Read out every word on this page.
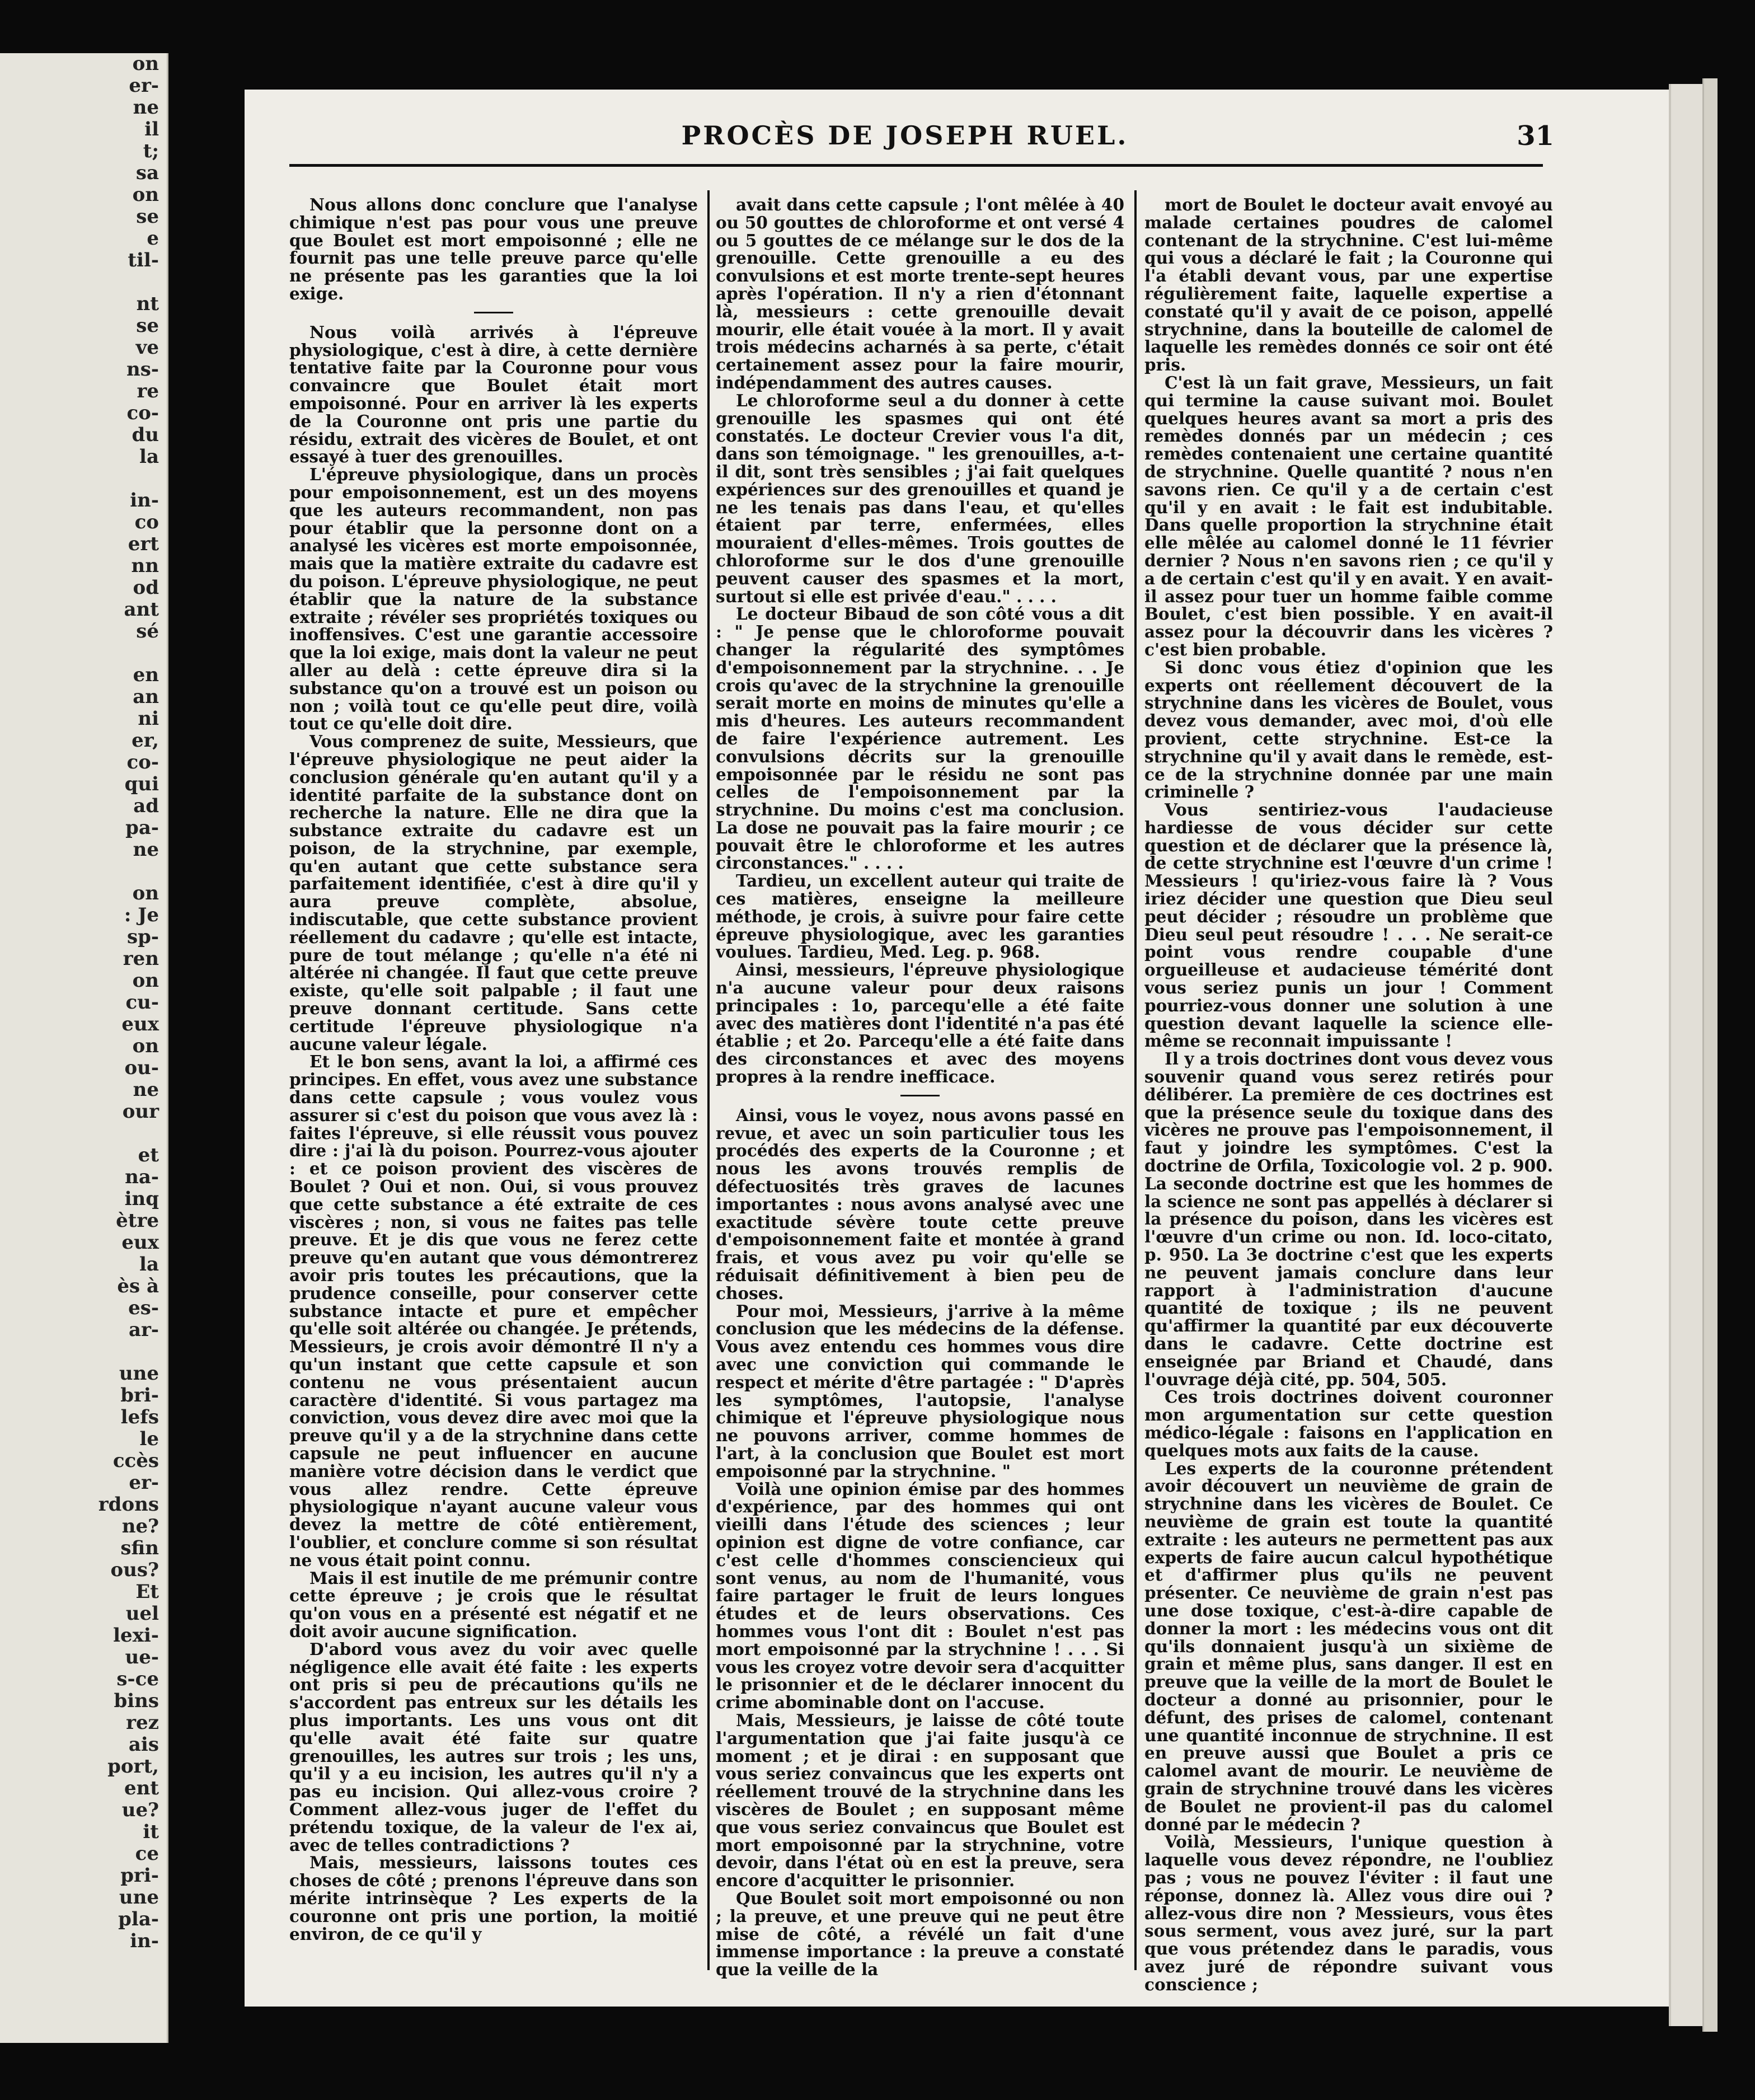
on
er-
ne
il
t;
sa
on
se
e
til-
nt
se
ve
ns-
re
co-
du
la
in-
co
ert
nn
od
ant
sé
en
an
ni
er,
co-
qui
ad
pa-
ne
on
: Je
sp-
ren
on
cu-
eux
on
ou-
ne
our
et
na-
inq
ètre
eux
la
ès à
es-
ar-
une
bri-
lefs
le
ccès
er-
rdons
ne?
sfin
ous?
Et
uel
lexi-
ue-
s-ce
bins
rez
ais
port,
ent
ue?
it
ce
pri-
une
pla-
in-
PROCÈS DE JOSEPH RUEL.	31

Nous allons donc conclure que l'analyse chimique n'est pas pour vous une preuve que Boulet est mort empoisonné ; elle ne fournit pas une telle preuve parce qu'elle ne présente pas les garanties que la loi exige.

Nous voilà arrivés à l'épreuve physiologique, c'est à dire, à cette dernière tentative faite par la Couronne pour vous convaincre que Boulet était mort empoisonné. Pour en arriver là les experts de la Couronne ont pris une partie du résidu, extrait des vicères de Boulet, et ont essayé à tuer des grenouilles.

L'épreuve physiologique, dans un procès pour empoisonnement, est un des moyens que les auteurs recommandent, non pas pour établir que la personne dont on a analysé les vicères est morte empoisonnée, mais que la matière extraite du cadavre est du poison. L'épreuve physiologique, ne peut établir que la nature de la substance extraite ; révéler ses propriétés toxiques ou inoffensives. C'est une garantie accessoire que la loi exige, mais dont la valeur ne peut aller au delà : cette épreuve dira si la substance qu'on a trouvé est un poison ou non ; voilà tout ce qu'elle peut dire, voilà tout ce qu'elle doit dire.

Vous comprenez de suite, Messieurs, que l'épreuve physiologique ne peut aider la conclusion générale qu'en autant qu'il y a identité parfaite de la substance dont on recherche la nature. Elle ne dira que la substance extraite du cadavre est un poison, de la strychnine, par exemple, qu'en autant que cette substance sera parfaitement identifiée, c'est à dire qu'il y aura preuve complète, absolue, indiscutable, que cette substance provient réellement du cadavre ; qu'elle est intacte, pure de tout mélange ; qu'elle n'a été ni altérée ni changée. Il faut que cette preuve existe, qu'elle soit palpable ; il faut une preuve donnant certitude. Sans cette certitude l'épreuve physiologique n'a aucune valeur légale.

Et le bon sens, avant la loi, a affirmé ces principes. En effet, vous avez une substance dans cette capsule ; vous voulez vous assurer si c'est du poison que vous avez là : faites l'épreuve, si elle réussit vous pouvez dire : j'ai là du poison. Pourrez-vous ajouter : et ce poison provient des viscères de Boulet ? Oui et non. Oui, si vous prouvez que cette substance a été extraite de ces viscères ; non, si vous ne faites pas telle preuve. Et je dis que vous ne ferez cette preuve qu'en autant que vous démontrerez avoir pris toutes les précautions, que la prudence conseille, pour conserver cette substance intacte et pure et empêcher qu'elle soit altérée ou changée. Je prétends, Messieurs, je crois avoir démontré Il n'y a qu'un instant que cette capsule et son contenu ne vous présentaient aucun caractère d'identité. Si vous partagez ma conviction, vous devez dire avec moi que la preuve qu'il y a de la strychnine dans cette capsule ne peut influencer en aucune manière votre décision dans le verdict que vous allez rendre. Cette épreuve physiologique n'ayant aucune valeur vous devez la mettre de côté entièrement, l'oublier, et conclure comme si son résultat ne vous était point connu.

Mais il est inutile de me prémunir contre cette épreuve ; je crois que le résultat qu'on vous en a présenté est négatif et ne doit avoir aucune signification.

D'abord vous avez du voir avec quelle négligence elle avait été faite : les experts ont pris si peu de précautions qu'ils ne s'accordent pas entreux sur les détails les plus importants. Les uns vous ont dit qu'elle avait été faite sur quatre grenouilles, les autres sur trois ; les uns, qu'il y a eu incision, les autres qu'il n'y a pas eu incision. Qui allez-vous croire ? Comment allez-vous juger de l'effet du prétendu toxique, de la valeur de l'ex ai, avec de telles contradictions ?

Mais, messieurs, laissons toutes ces choses de côté ; prenons l'épreuve dans son mérite intrinsèque ? Les experts de la couronne ont pris une portion, la moitié environ, de ce qu'il y

avait dans cette capsule ; l'ont mêlée à 40 ou 50 gouttes de chloroforme et ont versé 4 ou 5 gouttes de ce mélange sur le dos de la grenouille. Cette grenouille a eu des convulsions et est morte trente-sept heures après l'opération. Il n'y a rien d'étonnant là, messieurs : cette grenouille devait mourir, elle était vouée à la mort. Il y avait trois médecins acharnés à sa perte, c'était certainement assez pour la faire mourir, indépendamment des autres causes.

Le chloroforme seul a du donner à cette grenouille les spasmes qui ont été constatés. Le docteur Crevier vous l'a dit, dans son témoignage. " les grenouilles, a-t-il dit, sont très sensibles ; j'ai fait quelques expériences sur des grenouilles et quand je ne les tenais pas dans l'eau, et qu'elles étaient par terre, enfermées, elles mouraient d'elles-mêmes. Trois gouttes de chloroforme sur le dos d'une grenouille peuvent causer des spasmes et la mort, surtout si elle est privée d'eau." . . . .

Le docteur Bibaud de son côté vous a dit : " Je pense que le chloroforme pouvait changer la régularité des symptômes d'empoisonnement par la strychnine. . . Je crois qu'avec de la strychnine la grenouille serait morte en moins de minutes qu'elle a mis d'heures. Les auteurs recommandent de faire l'expérience autrement. Les convulsions décrits sur la grenouille empoisonnée par le résidu ne sont pas celles de l'empoisonnement par la strychnine. Du moins c'est ma conclusion. La dose ne pouvait pas la faire mourir ; ce pouvait être le chloroforme et les autres circonstances." . . . .

Tardieu, un excellent auteur qui traite de ces matières, enseigne la meilleure méthode, je crois, à suivre pour faire cette épreuve physiologique, avec les garanties voulues. Tardieu, Med. Leg. p. 968.

Ainsi, messieurs, l'épreuve physiologique n'a aucune valeur pour deux raisons principales : 1o, parcequ'elle a été faite avec des matières dont l'identité n'a pas été établie ; et 2o. Parcequ'elle a été faite dans des circonstances et avec des moyens propres à la rendre inefficace.

Ainsi, vous le voyez, nous avons passé en revue, et avec un soin particulier tous les procédés des experts de la Couronne ; et nous les avons trouvés remplis de défectuosités très graves de lacunes importantes : nous avons analysé avec une exactitude sévère toute cette preuve d'empoisonnement faite et montée à grand frais, et vous avez pu voir qu'elle se réduisait définitivement à bien peu de choses.

Pour moi, Messieurs, j'arrive à la même conclusion que les médecins de la défense. Vous avez entendu ces hommes vous dire avec une conviction qui commande le respect et mérite d'être partagée : " D'après les symptômes, l'autopsie, l'analyse chimique et l'épreuve physiologique nous ne pouvons arriver, comme hommes de l'art, à la conclusion que Boulet est mort empoisonné par la strychnine. "

Voilà une opinion émise par des hommes d'expérience, par des hommes qui ont vieilli dans l'étude des sciences ; leur opinion est digne de votre confiance, car c'est celle d'hommes consciencieux qui sont venus, au nom de l'humanité, vous faire partager le fruit de leurs longues études et de leurs observations. Ces hommes vous l'ont dit : Boulet n'est pas mort empoisonné par la strychnine ! . . . Si vous les croyez votre devoir sera d'acquitter le prisonnier et de le déclarer innocent du crime abominable dont on l'accuse.

Mais, Messieurs, je laisse de côté toute l'argumentation que j'ai faite jusqu'à ce moment ; et je dirai : en supposant que vous seriez convaincus que les experts ont réellement trouvé de la strychnine dans les viscères de Boulet ; en supposant même que vous seriez convaincus que Boulet est mort empoisonné par la strychnine, votre devoir, dans l'état où en est la preuve, sera encore d'acquitter le prisonnier.

Que Boulet soit mort empoisonné ou non ; la preuve, et une preuve qui ne peut être mise de côté, a révélé un fait d'une immense importance : la preuve a constaté que la veille de la

mort de Boulet le docteur avait envoyé au malade certaines poudres de calomel contenant de la strychnine. C'est lui-même qui vous a déclaré le fait ; la Couronne qui l'a établi devant vous, par une expertise régulièrement faite, laquelle expertise a constaté qu'il y avait de ce poison, appellé strychnine, dans la bouteille de calomel de laquelle les remèdes donnés ce soir ont été pris.

C'est là un fait grave, Messieurs, un fait qui termine la cause suivant moi. Boulet quelques heures avant sa mort a pris des remèdes donnés par un médecin ; ces remèdes contenaient une certaine quantité de strychnine. Quelle quantité ? nous n'en savons rien. Ce qu'il y a de certain c'est qu'il y en avait : le fait est indubitable. Dans quelle proportion la strychnine était elle mêlée au calomel donné le 11 février dernier ? Nous n'en savons rien ; ce qu'il y a de certain c'est qu'il y en avait. Y en avait-il assez pour tuer un homme faible comme Boulet, c'est bien possible. Y en avait-il assez pour la découvrir dans les vicères ? c'est bien probable.

Si donc vous étiez d'opinion que les experts ont réellement découvert de la strychnine dans les vicères de Boulet, vous devez vous demander, avec moi, d'où elle provient, cette strychnine. Est-ce la strychnine qu'il y avait dans le remède, est-ce de la strychnine donnée par une main criminelle ?

Vous sentiriez-vous l'audacieuse hardiesse de vous décider sur cette question et de déclarer que la présence là, de cette strychnine est l'œuvre d'un crime ! Messieurs ! qu'iriez-vous faire là ? Vous iriez décider une question que Dieu seul peut décider ; résoudre un problème que Dieu seul peut résoudre ! . . . Ne serait-ce point vous rendre coupable d'une orgueilleuse et audacieuse témérité dont vous seriez punis un jour ! Comment pourriez-vous donner une solution à une question devant laquelle la science elle-même se reconnait impuissante !

Il y a trois doctrines dont vous devez vous souvenir quand vous serez retirés pour délibérer. La première de ces doctrines est que la présence seule du toxique dans des vicères ne prouve pas l'empoisonnement, il faut y joindre les symptômes. C'est la doctrine de Orfila, Toxicologie vol. 2 p. 900. La seconde doctrine est que les hommes de la science ne sont pas appellés à déclarer si la présence du poison, dans les vicères est l'œuvre d'un crime ou non. Id. loco-citato, p. 950. La 3e doctrine c'est que les experts ne peuvent jamais conclure dans leur rapport à l'administration d'aucune quantité de toxique ; ils ne peuvent qu'affirmer la quantité par eux découverte dans le cadavre. Cette doctrine est enseignée par Briand et Chaudé, dans l'ouvrage déjà cité, pp. 504, 505.

Ces trois doctrines doivent couronner mon argumentation sur cette question médico-légale : faisons en l'application en quelques mots aux faits de la cause.

Les experts de la couronne prétendent avoir découvert un neuvième de grain de strychnine dans les vicères de Boulet. Ce neuvième de grain est toute la quantité extraite : les auteurs ne permettent pas aux experts de faire aucun calcul hypothétique et d'affirmer plus qu'ils ne peuvent présenter. Ce neuvième de grain n'est pas une dose toxique, c'est-à-dire capable de donner la mort : les médecins vous ont dit qu'ils donnaient jusqu'à un sixième de grain et même plus, sans danger. Il est en preuve que la veille de la mort de Boulet le docteur a donné au prisonnier, pour le défunt, des prises de calomel, contenant une quantité inconnue de strychnine. Il est en preuve aussi que Boulet a pris ce calomel avant de mourir. Le neuvième de grain de strychnine trouvé dans les vicères de Boulet ne provient-il pas du calomel donné par le médecin ?

Voilà, Messieurs, l'unique question à laquelle vous devez répondre, ne l'oubliez pas ; vous ne pouvez l'éviter : il faut une réponse, donnez là. Allez vous dire oui ? allez-vous dire non ? Messieurs, vous êtes sous serment, vous avez juré, sur la part que vous prétendez dans le paradis, vous avez juré de répondre suivant vous conscience ;
